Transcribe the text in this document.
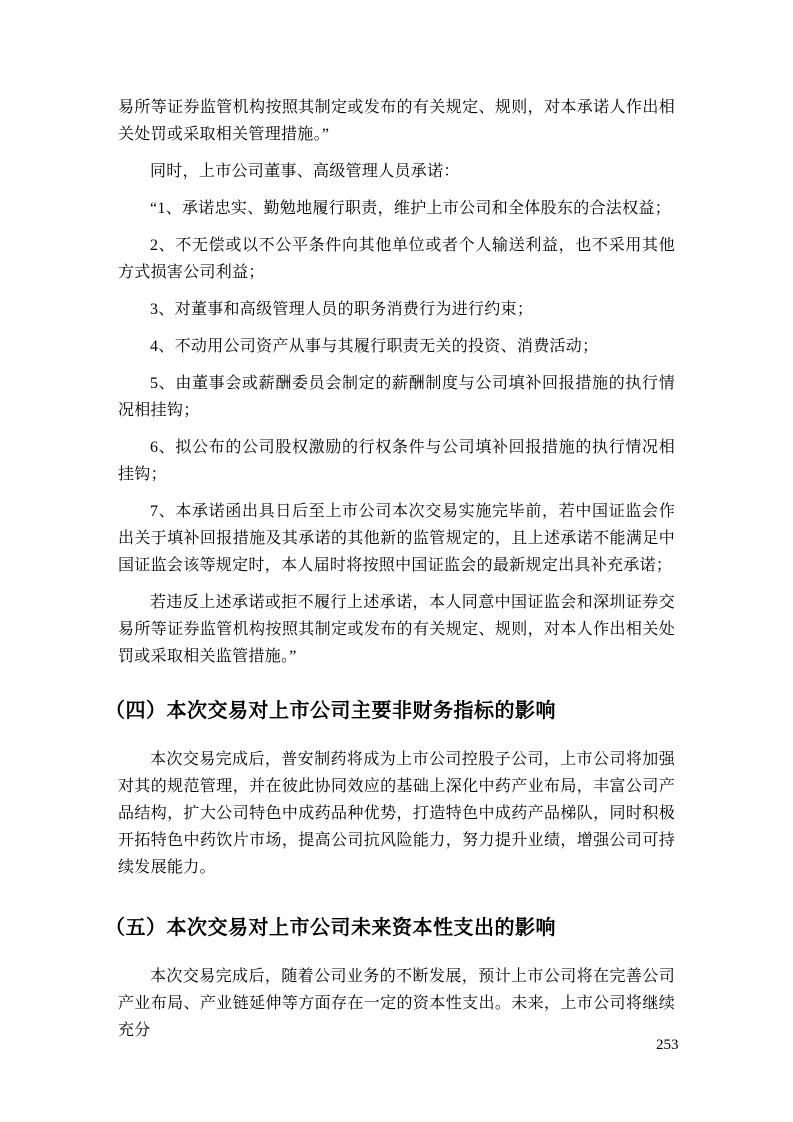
易所等证券监管机构按照其制定或发布的有关规定、规则，对本承诺人作出相关处罚或采取相关管理措施。”

同时，上市公司董事、高级管理人员承诺：

“1、承诺忠实、勤勉地履行职责，维护上市公司和全体股东的合法权益；

2、不无偿或以不公平条件向其他单位或者个人输送利益，也不采用其他方式损害公司利益；

3、对董事和高级管理人员的职务消费行为进行约束；

4、不动用公司资产从事与其履行职责无关的投资、消费活动；

5、由董事会或薪酬委员会制定的薪酬制度与公司填补回报措施的执行情况相挂钩；

6、拟公布的公司股权激励的行权条件与公司填补回报措施的执行情况相挂钩；

7、本承诺函出具日后至上市公司本次交易实施完毕前，若中国证监会作出关于填补回报措施及其承诺的其他新的监管规定的，且上述承诺不能满足中国证监会该等规定时，本人届时将按照中国证监会的最新规定出具补充承诺；

若违反上述承诺或拒不履行上述承诺，本人同意中国证监会和深圳证券交易所等证券监管机构按照其制定或发布的有关规定、规则，对本人作出相关处罚或采取相关监管措施。”

（四）本次交易对上市公司主要非财务指标的影响

本次交易完成后，普安制药将成为上市公司控股子公司，上市公司将加强对其的规范管理，并在彼此协同效应的基础上深化中药产业布局，丰富公司产品结构，扩大公司特色中成药品种优势，打造特色中成药产品梯队，同时积极开拓特色中药饮片市场，提高公司抗风险能力，努力提升业绩，增强公司可持续发展能力。

（五）本次交易对上市公司未来资本性支出的影响

本次交易完成后，随着公司业务的不断发展，预计上市公司将在完善公司产业布局、产业链延伸等方面存在一定的资本性支出。未来，上市公司将继续充分

253
